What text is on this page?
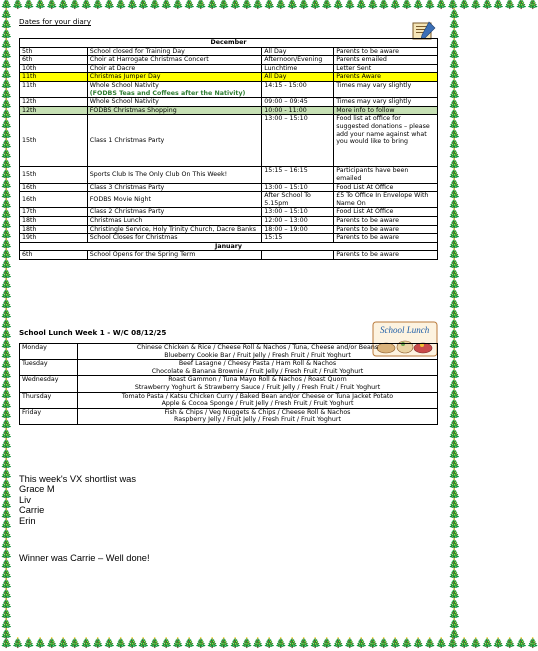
🎄🎄🎄🎄🎄🎄🎄🎄🎄🎄🎄🎄🎄🎄🎄🎄🎄🎄🎄🎄🎄🎄🎄🎄🎄🎄🎄🎄🎄🎄🎄🎄🎄🎄🎄🎄🎄🎄🎄🎄🎄🎄🎄🎄🎄🎄🎄
🎄🎄🎄🎄🎄🎄🎄🎄🎄🎄🎄🎄🎄🎄🎄🎄🎄🎄🎄🎄🎄🎄🎄🎄🎄🎄🎄🎄🎄🎄🎄🎄🎄🎄🎄🎄🎄🎄🎄🎄🎄🎄🎄🎄🎄🎄🎄
🎄🎄🎄🎄🎄🎄🎄🎄🎄🎄🎄🎄🎄🎄🎄🎄🎄🎄🎄🎄🎄🎄🎄🎄🎄🎄🎄🎄🎄🎄🎄🎄🎄🎄🎄🎄🎄🎄🎄🎄🎄🎄🎄🎄🎄🎄🎄🎄🎄🎄🎄🎄🎄🎄🎄🎄🎄🎄🎄🎄🎄🎄🎄
🎄🎄🎄🎄🎄🎄🎄🎄🎄🎄🎄🎄🎄🎄🎄🎄🎄🎄🎄🎄🎄🎄🎄🎄🎄🎄🎄🎄🎄🎄🎄🎄🎄🎄🎄🎄🎄🎄🎄🎄🎄🎄🎄🎄🎄🎄🎄🎄🎄🎄🎄🎄🎄🎄🎄🎄🎄🎄🎄🎄🎄🎄🎄
Dates for your diary
December			
5th	School closed for Training Day	All Day	Parents to be aware
6th	Choir at Harrogate Christmas Concert	Afternoon/Evening	Parents emailed
10th	Choir at Dacre	Lunchtime	Letter Sent
11th	Christmas Jumper Day	All Day	Parents Aware
11th	Whole School Nativity
(FODBS Teas and Coffees after the Nativity)	14:15 - 15:00	Times may vary slightly
12th	Whole School Nativity	09:00 – 09:45	Times may vary slightly
12th	FODBS Christmas Shopping	10:00 - 11:00	More info to follow
15th	Class 1 Christmas Party	13:00 – 15:10	Food list at office for suggested donations – please add your name against what you would like to bring
15th	Sports Club Is The Only Club On This Week!	15:15 – 16:15	Participants have been emailed
16th	Class 3 Christmas Party	13:00 – 15:10	Food List At Office
16th	FODBS Movie Night	After School To 5.15pm	£5 To Office In Envelope With Name On
17th	Class 2 Christmas Party	13:00 – 15:10	Food List At Office
18th	Christmas Lunch	12:00 – 13:00	Parents to be aware
18th	Christingle Service, Holy Trinity Church, Dacre Banks	18:00 – 19:00	Parents to be aware
19th	School Closes for Christmas	15:15	Parents to be aware
January			
6th	School Opens for the Spring Term		Parents to be aware
School Lunch Week 1 - W/C 08/12/25	School Lunch
Monday	Chinese Chicken & Rice / Cheese Roll & Nachos / Tuna, Cheese and/or Beans
Blueberry Cookie Bar / Fruit Jelly / Fresh Fruit / Fruit Yoghurt

Tuesday	Beef Lasagne / Cheesy Pasta / Ham Roll & Nachos
Chocolate & Banana Brownie / Fruit Jelly / Fresh Fruit / Fruit Yoghurt

Wednesday	Roast Gammon / Tuna Mayo Roll & Nachos / Roast Quorn
Strawberry Yoghurt & Strawberry Sauce / Fruit Jelly / Fresh Fruit / Fruit Yoghurt

Thursday	Tomato Pasta / Katsu Chicken Curry / Baked Bean and/or Cheese or Tuna Jacket Potato
Apple & Cocoa Sponge / Fruit Jelly / Fresh Fruit / Fruit Yoghurt

Friday	Fish & Chips / Veg Nuggets & Chips / Cheese Roll & Nachos
Raspberry Jelly / Fruit Jelly / Fresh Fruit / Fruit Yoghurt
This week's VX shortlist was
Grace M
Liv
Carrie
Erin
Winner was Carrie – Well done!
